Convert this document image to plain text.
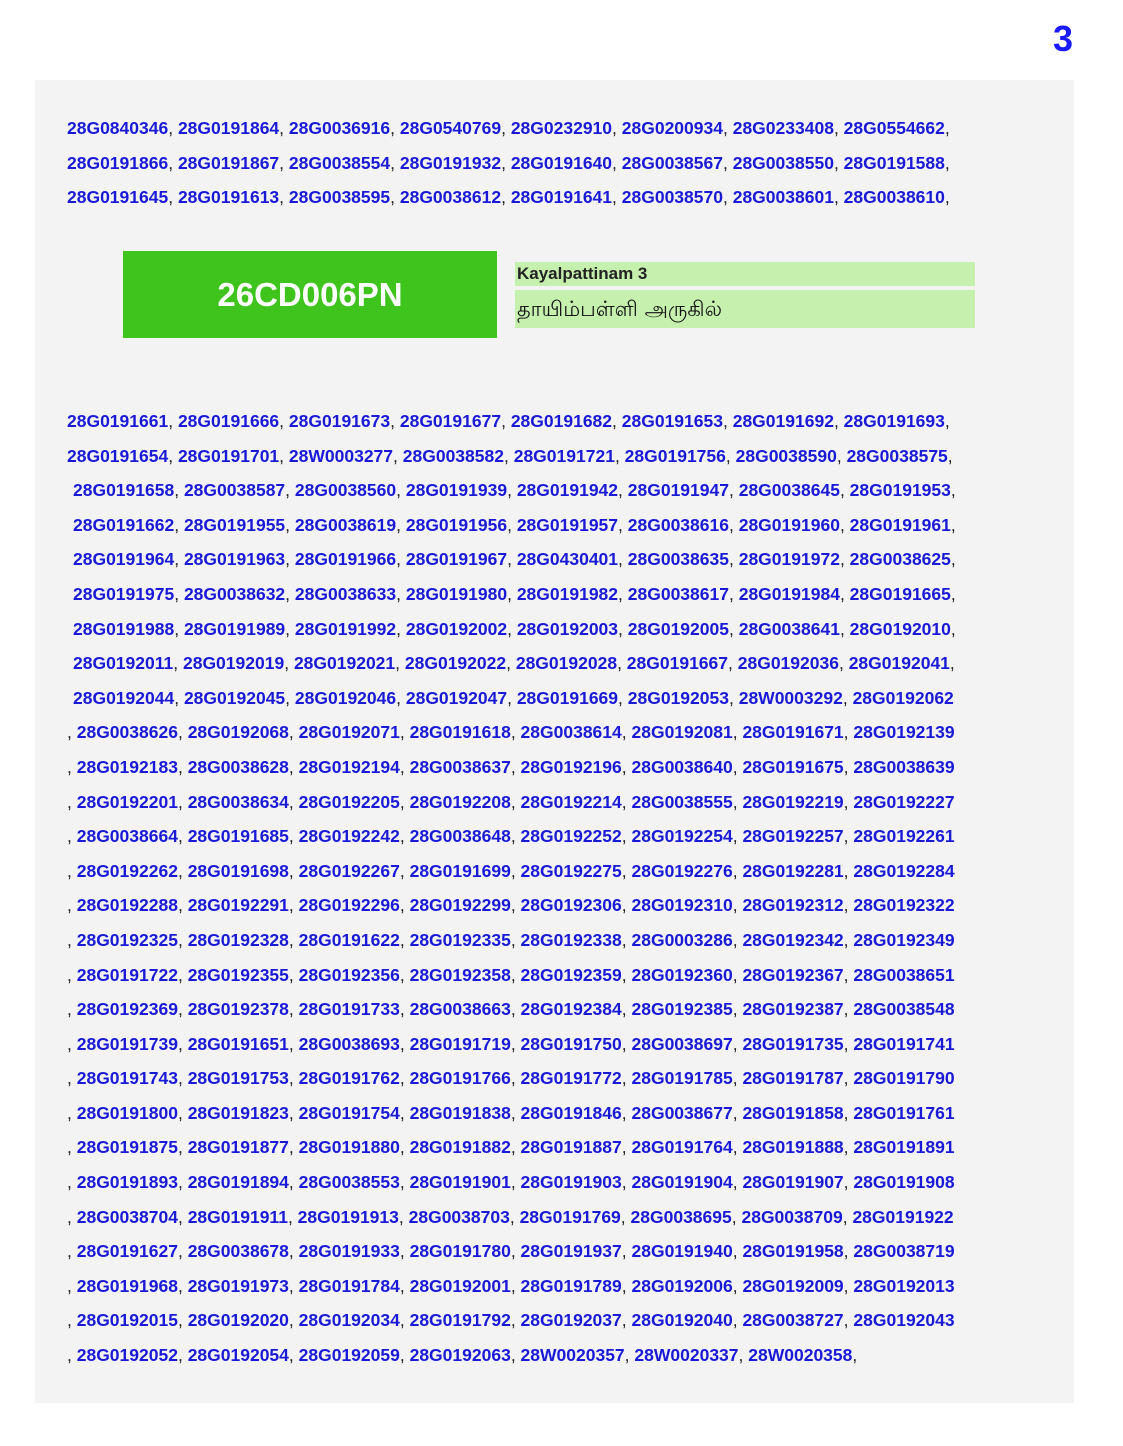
3
28G0840346, 28G0191864, 28G0036916, 28G0540769, 28G0232910, 28G0200934, 28G0233408, 28G0554662,
28G0191866, 28G0191867, 28G0038554, 28G0191932, 28G0191640, 28G0038567, 28G0038550, 28G0191588,
28G0191645, 28G0191613, 28G0038595, 28G0038612, 28G0191641, 28G0038570, 28G0038601, 28G0038610,
26CD006PN
Kayalpattinam 3
தாயிம்பள்ளி அருகில்
28G0191661, 28G0191666, 28G0191673, 28G0191677, 28G0191682, 28G0191653, 28G0191692, 28G0191693,
28G0191654, 28G0191701, 28W0003277, 28G0038582, 28G0191721, 28G0191756, 28G0038590, 28G0038575,
28G0191658, 28G0038587, 28G0038560, 28G0191939, 28G0191942, 28G0191947, 28G0038645, 28G0191953,
28G0191662, 28G0191955, 28G0038619, 28G0191956, 28G0191957, 28G0038616, 28G0191960, 28G0191961,
28G0191964, 28G0191963, 28G0191966, 28G0191967, 28G0430401, 28G0038635, 28G0191972, 28G0038625,
28G0191975, 28G0038632, 28G0038633, 28G0191980, 28G0191982, 28G0038617, 28G0191984, 28G0191665,
28G0191988, 28G0191989, 28G0191992, 28G0192002, 28G0192003, 28G0192005, 28G0038641, 28G0192010,
28G0192011, 28G0192019, 28G0192021, 28G0192022, 28G0192028, 28G0191667, 28G0192036, 28G0192041,
28G0192044, 28G0192045, 28G0192046, 28G0192047, 28G0191669, 28G0192053, 28W0003292, 28G0192062
, 28G0038626, 28G0192068, 28G0192071, 28G0191618, 28G0038614, 28G0192081, 28G0191671, 28G0192139
, 28G0192183, 28G0038628, 28G0192194, 28G0038637, 28G0192196, 28G0038640, 28G0191675, 28G0038639
, 28G0192201, 28G0038634, 28G0192205, 28G0192208, 28G0192214, 28G0038555, 28G0192219, 28G0192227
, 28G0038664, 28G0191685, 28G0192242, 28G0038648, 28G0192252, 28G0192254, 28G0192257, 28G0192261
, 28G0192262, 28G0191698, 28G0192267, 28G0191699, 28G0192275, 28G0192276, 28G0192281, 28G0192284
, 28G0192288, 28G0192291, 28G0192296, 28G0192299, 28G0192306, 28G0192310, 28G0192312, 28G0192322
, 28G0192325, 28G0192328, 28G0191622, 28G0192335, 28G0192338, 28G0003286, 28G0192342, 28G0192349
, 28G0191722, 28G0192355, 28G0192356, 28G0192358, 28G0192359, 28G0192360, 28G0192367, 28G0038651
, 28G0192369, 28G0192378, 28G0191733, 28G0038663, 28G0192384, 28G0192385, 28G0192387, 28G0038548
, 28G0191739, 28G0191651, 28G0038693, 28G0191719, 28G0191750, 28G0038697, 28G0191735, 28G0191741
, 28G0191743, 28G0191753, 28G0191762, 28G0191766, 28G0191772, 28G0191785, 28G0191787, 28G0191790
, 28G0191800, 28G0191823, 28G0191754, 28G0191838, 28G0191846, 28G0038677, 28G0191858, 28G0191761
, 28G0191875, 28G0191877, 28G0191880, 28G0191882, 28G0191887, 28G0191764, 28G0191888, 28G0191891
, 28G0191893, 28G0191894, 28G0038553, 28G0191901, 28G0191903, 28G0191904, 28G0191907, 28G0191908
, 28G0038704, 28G0191911, 28G0191913, 28G0038703, 28G0191769, 28G0038695, 28G0038709, 28G0191922
, 28G0191627, 28G0038678, 28G0191933, 28G0191780, 28G0191937, 28G0191940, 28G0191958, 28G0038719
, 28G0191968, 28G0191973, 28G0191784, 28G0192001, 28G0191789, 28G0192006, 28G0192009, 28G0192013
, 28G0192015, 28G0192020, 28G0192034, 28G0191792, 28G0192037, 28G0192040, 28G0038727, 28G0192043
, 28G0192052, 28G0192054, 28G0192059, 28G0192063, 28W0020357, 28W0020337, 28W0020358,
